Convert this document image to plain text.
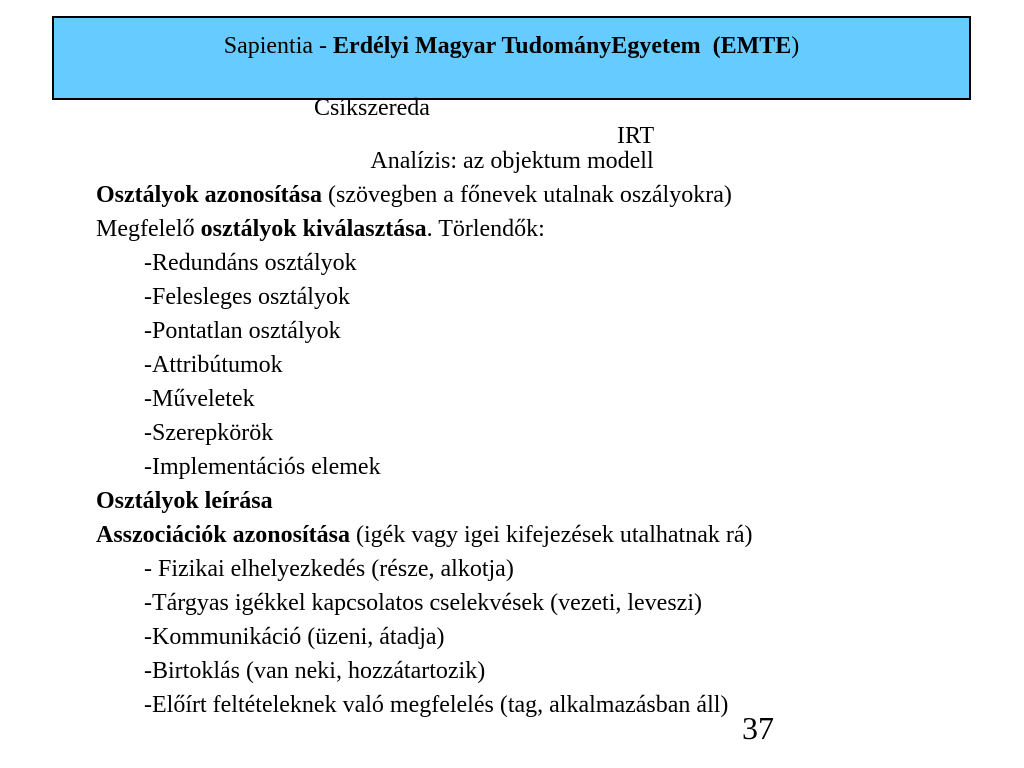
Sapientia - Erdélyi Magyar TudományEgyetem  (EMTE)

Csíkszereda

IRT

Analízis: az objektum modell
Osztályok azonosítása (szövegben a főnevek utalnak oszályokra)
Megfelelő osztályok kiválasztása. Törlendők:
-Redundáns osztályok
-Felesleges osztályok
-Pontatlan osztályok
-Attribútumok
-Műveletek
-Szerepkörök
-Implementációs elemek
Osztályok leírása
Asszociációk azonosítása (igék vagy igei kifejezések utalhatnak rá)
- Fizikai elhelyezkedés (része, alkotja)
-Tárgyas igékkel kapcsolatos cselekvések (vezeti, leveszi)
-Kommunikáció (üzeni, átadja)
-Birtoklás (van neki, hozzátartozik)
-Előírt feltételeknek való megfelelés (tag, alkalmazásban áll)
37
